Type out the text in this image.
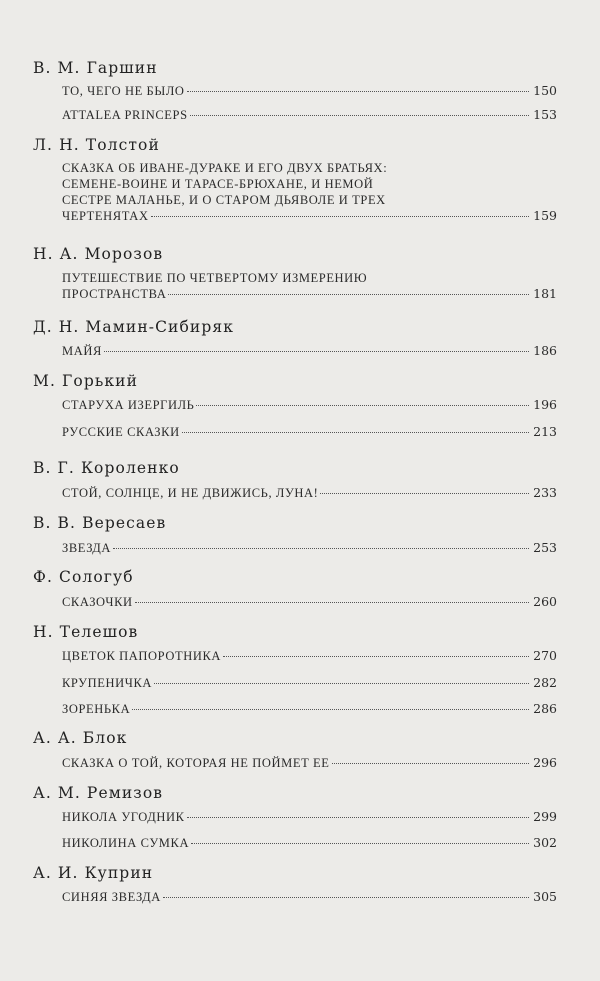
В. М. Гаршин
ТО, ЧЕГО НЕ БЫЛО	150
ATTALEA PRINCEPS	153
Л. Н. Толстой
СКАЗКА ОБ ИВАНЕ-ДУРАКЕ И ЕГО ДВУХ БРАТЬЯХ:
СЕМЕНЕ-ВОИНЕ И ТАРАСЕ-БРЮХАНЕ, И НЕМОЙ
СЕСТРЕ МАЛАНЬЕ, И О СТАРОМ ДЬЯВОЛЕ И ТРЕХ
ЧЕРТЕНЯТАХ	159
Н. А. Морозов
ПУТЕШЕСТВИЕ ПО ЧЕТВЕРТОМУ ИЗМЕРЕНИЮ
ПРОСТРАНСТВА	181
Д. Н. Мамин-Сибиряк
МАЙЯ	186
М. Горький
СТАРУХА ИЗЕРГИЛЬ	196
РУССКИЕ СКАЗКИ	213
В. Г. Короленко
СТОЙ, СОЛНЦЕ, И НЕ ДВИЖИСЬ, ЛУНА!	233
В. В. Вересаев
ЗВЕЗДА	253
Ф. Сологуб
СКАЗОЧКИ	260
Н. Телешов
ЦВЕТОК ПАПОРОТНИКА	270
КРУПЕНИЧКА	282
ЗОРЕНЬКА	286
А. А. Блок
СКАЗКА О ТОЙ, КОТОРАЯ НЕ ПОЙМЕТ ЕЕ	296
А. М. Ремизов
НИКОЛА УГОДНИК	299
НИКОЛИНА СУМКА	302
А. И. Куприн
СИНЯЯ ЗВЕЗДА	305
